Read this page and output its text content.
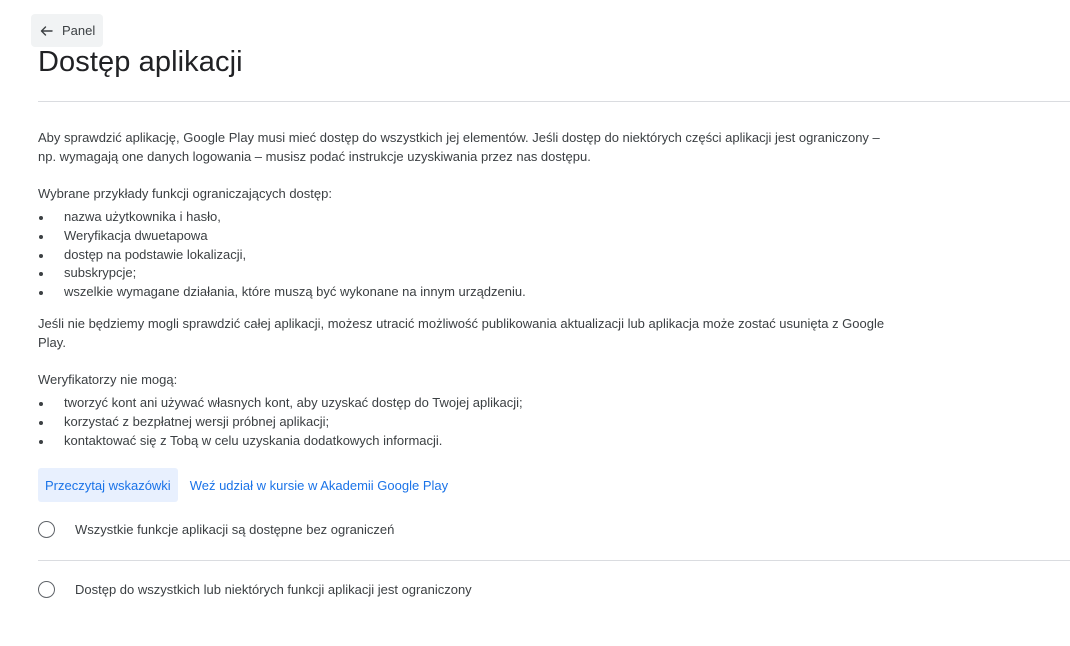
Panel
Dostęp aplikacji

Aby sprawdzić aplikację, Google Play musi mieć dostęp do wszystkich jej elementów. Jeśli dostęp do niektórych części aplikacji jest ograniczony – np. wymagają one danych logowania – musisz podać instrukcje uzyskiwania przez nas dostępu.

Wybrane przykłady funkcji ograniczających dostęp:

nazwa użytkownika i hasło,
Weryfikacja dwuetapowa
dostęp na podstawie lokalizacji,
subskrypcje;
wszelkie wymagane działania, które muszą być wykonane na innym urządzeniu.

Jeśli nie będziemy mogli sprawdzić całej aplikacji, możesz utracić możliwość publikowania aktualizacji lub aplikacja może zostać usunięta z Google Play.

Weryfikatorzy nie mogą:

tworzyć kont ani używać własnych kont, aby uzyskać dostęp do Twojej aplikacji;
korzystać z bezpłatnej wersji próbnej aplikacji;
kontaktować się z Tobą w celu uzyskania dodatkowych informacji.
Przeczytaj wskazówki	Weź udział w kursie w Akademii Google Play
Wszystkie funkcje aplikacji są dostępne bez ograniczeń
Dostęp do wszystkich lub niektórych funkcji aplikacji jest ograniczony
